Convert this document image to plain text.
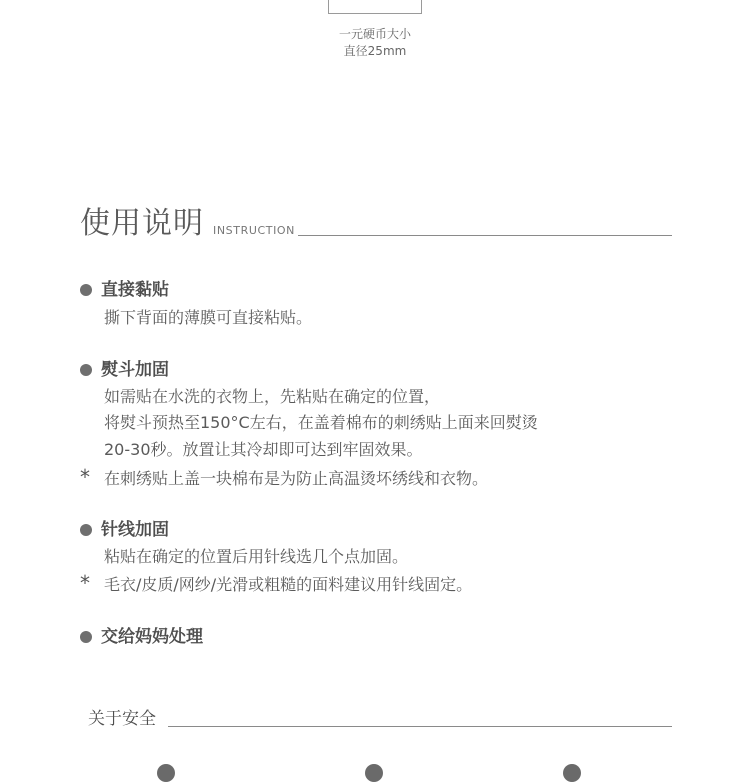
一元硬币大小
直径25mm
使用说明 INSTRUCTION
直接黏贴
撕下背面的薄膜可直接粘贴。
熨斗加固
如需贴在水洗的衣物上，先粘贴在确定的位置，
将熨斗预热至150°C左右，在盖着棉布的刺绣贴上面来回熨烫
20-30秒。放置让其冷却即可达到牢固效果。
* 在刺绣贴上盖一块棉布是为防止高温烫坏绣线和衣物。
针线加固
粘贴在确定的位置后用针线选几个点加固。
* 毛衣/皮质/网纱/光滑或粗糙的面料建议用针线固定。
交给妈妈处理
关于安全
